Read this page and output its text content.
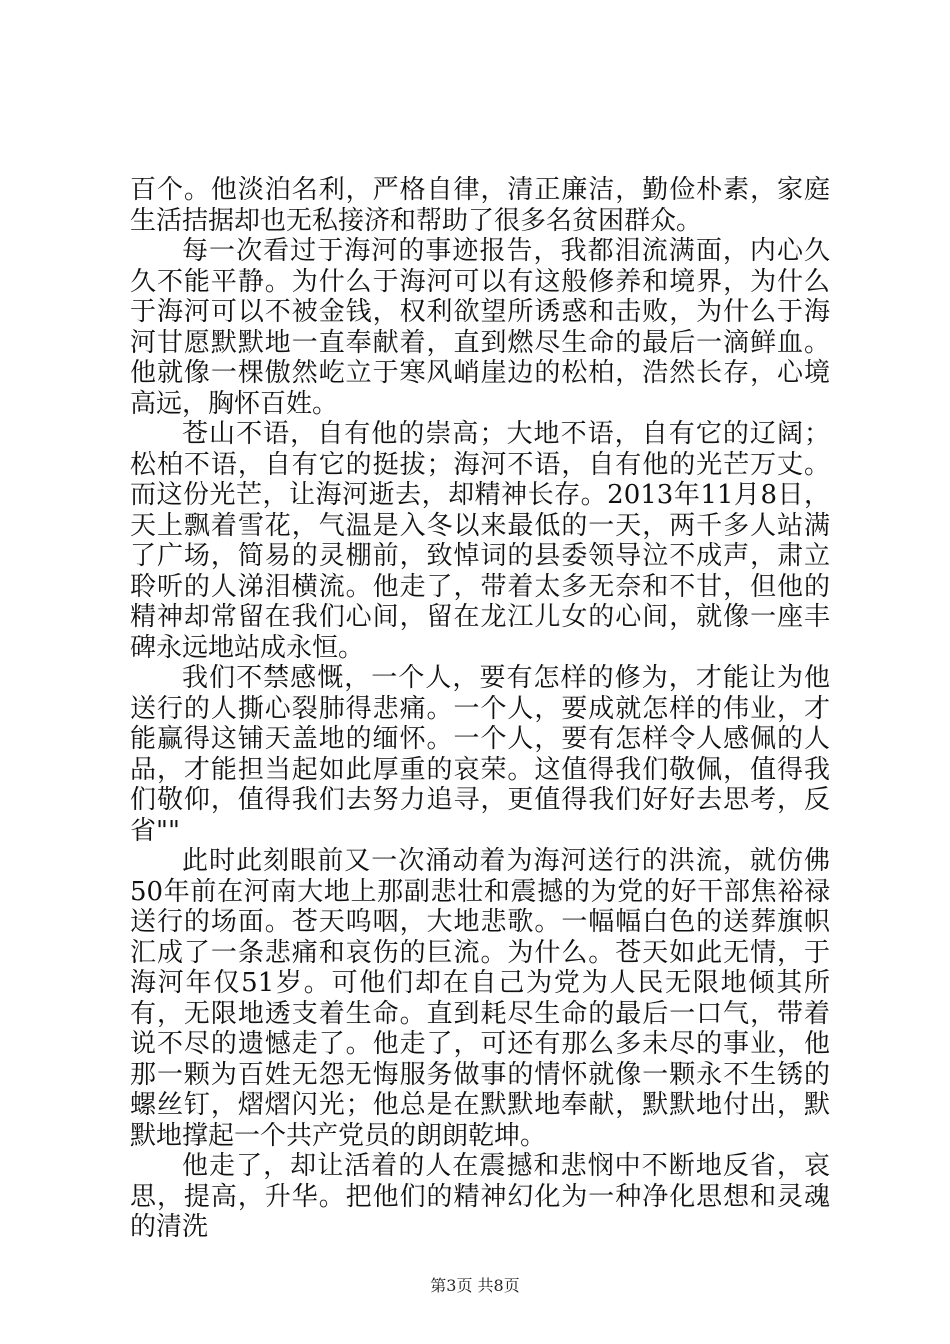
百个。他淡泊名利，严格自律，清正廉洁，勤俭朴素，家庭生活拮据却也无私接济和帮助了很多名贫困群众。

每一次看过于海河的事迹报告，我都泪流满面，内心久久不能平静。为什么于海河可以有这般修养和境界，为什么于海河可以不被金钱，权利欲望所诱惑和击败，为什么于海河甘愿默默地一直奉献着，直到燃尽生命的最后一滴鲜血。他就像一棵傲然屹立于寒风峭崖边的松柏，浩然长存，心境高远，胸怀百姓。

苍山不语，自有他的崇高；大地不语，自有它的辽阔；松柏不语，自有它的挺拔；海河不语，自有他的光芒万丈。而这份光芒，让海河逝去，却精神长存。2013年11月8日，天上飘着雪花，气温是入冬以来最低的一天，两千多人站满了广场，简易的灵棚前，致悼词的县委领导泣不成声，肃立聆听的人涕泪横流。他走了，带着太多无奈和不甘，但他的精神却常留在我们心间，留在龙江儿女的心间，就像一座丰碑永远地站成永恒。

我们不禁感慨，一个人，要有怎样的修为，才能让为他送行的人撕心裂肺得悲痛。一个人，要成就怎样的伟业，才能赢得这铺天盖地的缅怀。一个人，要有怎样令人感佩的人品，才能担当起如此厚重的哀荣。这值得我们敬佩，值得我们敬仰，值得我们去努力追寻，更值得我们好好去思考，反省""

此时此刻眼前又一次涌动着为海河送行的洪流，就仿佛50年前在河南大地上那副悲壮和震撼的为党的好干部焦裕禄送行的场面。苍天呜咽，大地悲歌。一幅幅白色的送葬旗帜汇成了一条悲痛和哀伤的巨流。为什么。苍天如此无情，于海河年仅51岁。可他们却在自己为党为人民无限地倾其所有，无限地透支着生命。直到耗尽生命的最后一口气，带着说不尽的遗憾走了。他走了，可还有那么多未尽的事业，他那一颗为百姓无怨无悔服务做事的情怀就像一颗永不生锈的螺丝钉，熠熠闪光；他总是在默默地奉献，默默地付出，默默地撑起一个共产党员的朗朗乾坤。

他走了，却让活着的人在震撼和悲悯中不断地反省，哀思，提高，升华。把他们的精神幻化为一种净化思想和灵魂的清洗

第3页 共8页
